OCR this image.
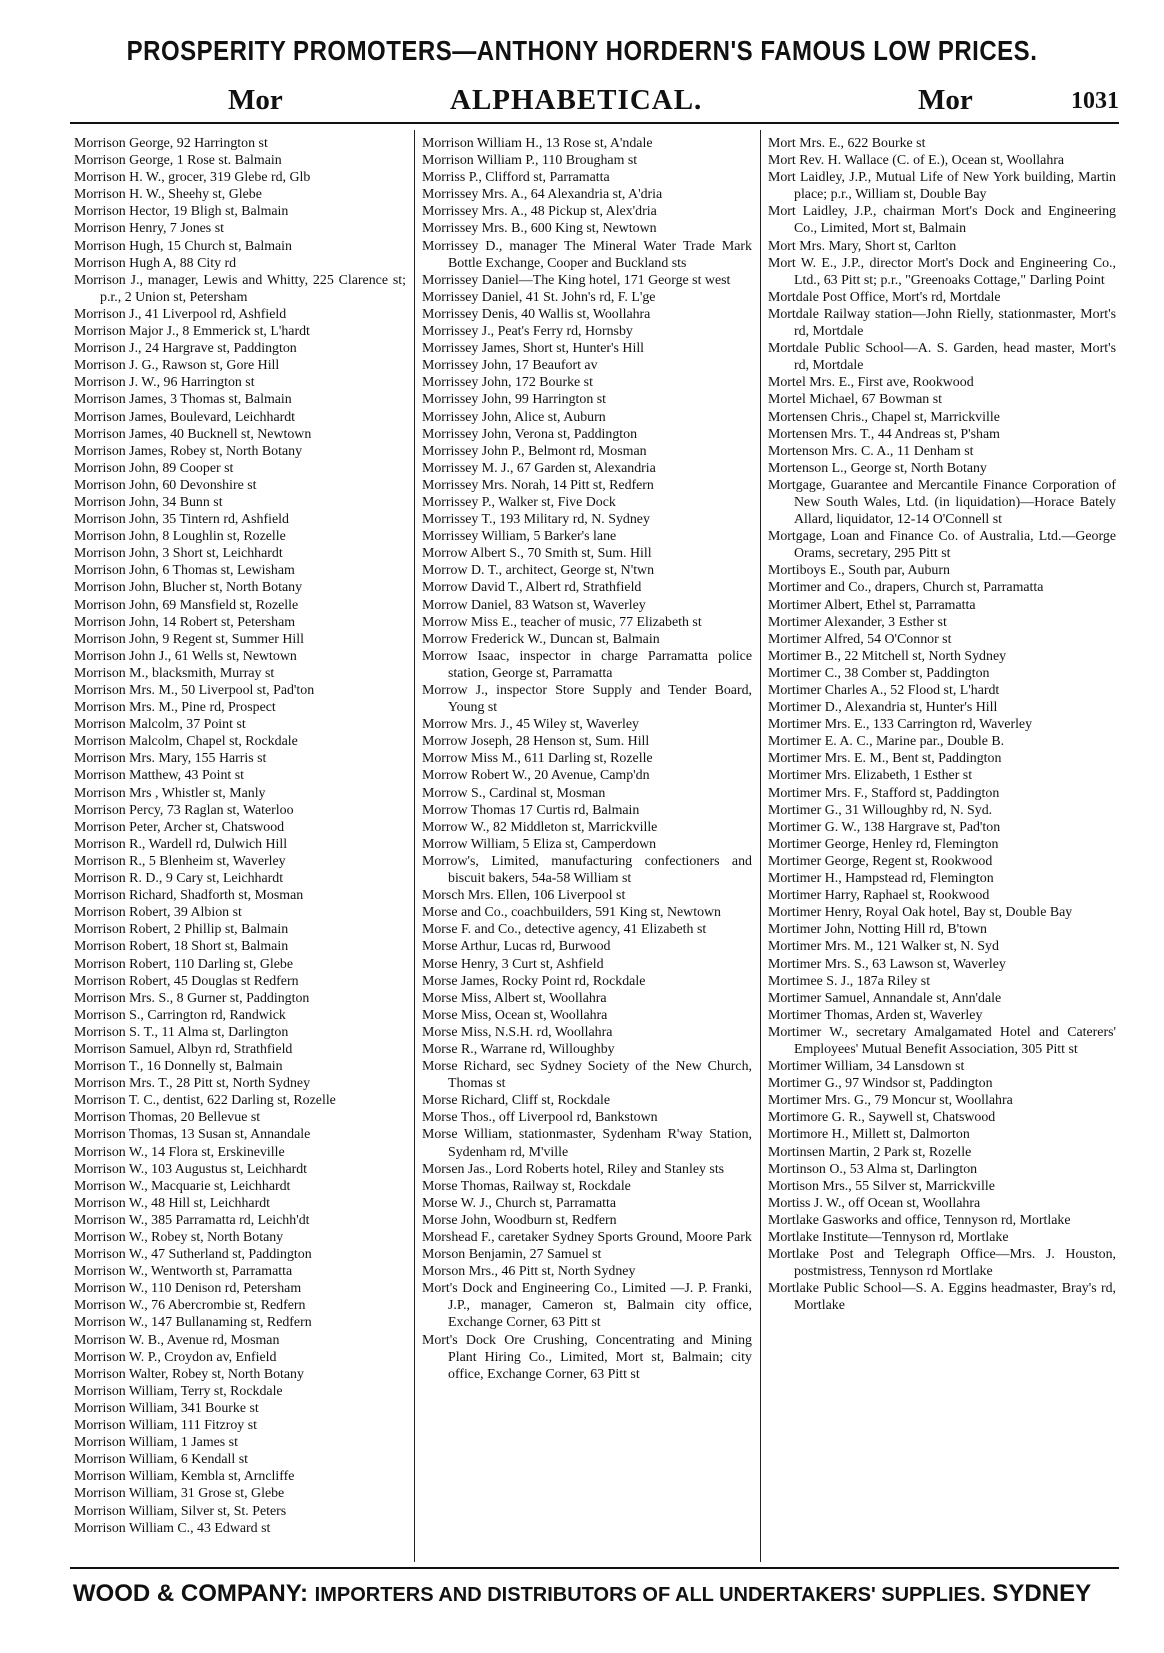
PROSPERITY PROMOTERS—ANTHONY HORDERN'S FAMOUS LOW PRICES.
Mor	ALPHABETICAL.	Mor	1031
Morrison George, 92 Harrington st
Morrison George, 1 Rose st. Balmain
Morrison H. W., grocer, 319 Glebe rd, Glb
Morrison H. W., Sheehy st, Glebe
Morrison Hector, 19 Bligh st, Balmain
Morrison Henry, 7 Jones st
Morrison Hugh, 15 Church st, Balmain
Morrison Hugh A, 88 City rd
Morrison J., manager, Lewis and Whitty, 225 Clarence st; p.r., 2 Union st, Petersham
Morrison J., 41 Liverpool rd, Ashfield
Morrison Major J., 8 Emmerick st, L'hardt
Morrison J., 24 Hargrave st, Paddington
Morrison J. G., Rawson st, Gore Hill
Morrison J. W., 96 Harrington st
Morrison James, 3 Thomas st, Balmain
Morrison James, Boulevard, Leichhardt
Morrison James, 40 Bucknell st, Newtown
Morrison James, Robey st, North Botany
Morrison John, 89 Cooper st
Morrison John, 60 Devonshire st
Morrison John, 34 Bunn st
Morrison John, 35 Tintern rd, Ashfield
Morrison John, 8 Loughlin st, Rozelle
Morrison John, 3 Short st, Leichhardt
Morrison John, 6 Thomas st, Lewisham
Morrison John, Blucher st, North Botany
Morrison John, 69 Mansfield st, Rozelle
Morrison John, 14 Robert st, Petersham
Morrison John, 9 Regent st, Summer Hill
Morrison John J., 61 Wells st, Newtown
Morrison M., blacksmith, Murray st
Morrison Mrs. M., 50 Liverpool st, Pad'ton
Morrison Mrs. M., Pine rd, Prospect
Morrison Malcolm, 37 Point st
Morrison Malcolm, Chapel st, Rockdale
Morrison Mrs. Mary, 155 Harris st
Morrison Matthew, 43 Point st
Morrison Mrs , Whistler st, Manly
Morrison Percy, 73 Raglan st, Waterloo
Morrison Peter, Archer st, Chatswood
Morrison R., Wardell rd, Dulwich Hill
Morrison R., 5 Blenheim st, Waverley
Morrison R. D., 9 Cary st, Leichhardt
Morrison Richard, Shadforth st, Mosman
Morrison Robert, 39 Albion st
Morrison Robert, 2 Phillip st, Balmain
Morrison Robert, 18 Short st, Balmain
Morrison Robert, 110 Darling st, Glebe
Morrison Robert, 45 Douglas st Redfern
Morrison Mrs. S., 8 Gurner st, Paddington
Morrison S., Carrington rd, Randwick
Morrison S. T., 11 Alma st, Darlington
Morrison Samuel, Albyn rd, Strathfield
Morrison T., 16 Donnelly st, Balmain
Morrison Mrs. T., 28 Pitt st, North Sydney
Morrison T. C., dentist, 622 Darling st, Rozelle
Morrison Thomas, 20 Bellevue st
Morrison Thomas, 13 Susan st, Annandale
Morrison W., 14 Flora st, Erskineville
Morrison W., 103 Augustus st, Leichhardt
Morrison W., Macquarie st, Leichhardt
Morrison W., 48 Hill st, Leichhardt
Morrison W., 385 Parramatta rd, Leichh'dt
Morrison W., Robey st, North Botany
Morrison W., 47 Sutherland st, Paddington
Morrison W., Wentworth st, Parramatta
Morrison W., 110 Denison rd, Petersham
Morrison W., 76 Abercrombie st, Redfern
Morrison W., 147 Bullanaming st, Redfern
Morrison W. B., Avenue rd, Mosman
Morrison W. P., Croydon av, Enfield
Morrison Walter, Robey st, North Botany
Morrison William, Terry st, Rockdale
Morrison William, 341 Bourke st
Morrison William, 111 Fitzroy st
Morrison William, 1 James st
Morrison William, 6 Kendall st
Morrison William, Kembla st, Arncliffe
Morrison William, 31 Grose st, Glebe
Morrison William, Silver st, St. Peters
Morrison William C., 43 Edward st
Morrison William H., 13 Rose st, A'ndale
Morrison William P., 110 Brougham st
Morriss P., Clifford st, Parramatta
Morrissey Mrs. A., 64 Alexandria st, A'dria
Morrissey Mrs. A., 48 Pickup st, Alex'dria
Morrissey Mrs. B., 600 King st, Newtown
Morrissey D., manager The Mineral Water Trade Mark Bottle Exchange, Cooper and Buckland sts
Morrissey Daniel—The King hotel, 171 George st west
Morrissey Daniel, 41 St. John's rd, F. L'ge
Morrissey Denis, 40 Wallis st, Woollahra
Morrissey J., Peat's Ferry rd, Hornsby
Morrissey James, Short st, Hunter's Hill
Morrissey John, 17 Beaufort av
Morrissey John, 172 Bourke st
Morrissey John, 99 Harrington st
Morrissey John, Alice st, Auburn
Morrissey John, Verona st, Paddington
Morrissey John P., Belmont rd, Mosman
Morrissey M. J., 67 Garden st, Alexandria
Morrissey Mrs. Norah, 14 Pitt st, Redfern
Morrissey P., Walker st, Five Dock
Morrissey T., 193 Military rd, N. Sydney
Morrissey William, 5 Barker's lane
Morrow Albert S., 70 Smith st, Sum. Hill
Morrow D. T., architect, George st, N'twn
Morrow David T., Albert rd, Strathfield
Morrow Daniel, 83 Watson st, Waverley
Morrow Miss E., teacher of music, 77 Elizabeth st
Morrow Frederick W., Duncan st, Balmain
Morrow Isaac, inspector in charge Parramatta police station, George st, Parramatta
Morrow J., inspector Store Supply and Tender Board, Young st
Morrow Mrs. J., 45 Wiley st, Waverley
Morrow Joseph, 28 Henson st, Sum. Hill
Morrow Miss M., 611 Darling st, Rozelle
Morrow Robert W., 20 Avenue, Camp'dn
Morrow S., Cardinal st, Mosman
Morrow Thomas 17 Curtis rd, Balmain
Morrow W., 82 Middleton st, Marrickville
Morrow William, 5 Eliza st, Camperdown
Morrow's, Limited, manufacturing confectioners and biscuit bakers, 54a-58 William st
Morsch Mrs. Ellen, 106 Liverpool st
Morse and Co., coachbuilders, 591 King st, Newtown
Morse F. and Co., detective agency, 41 Elizabeth st
Morse Arthur, Lucas rd, Burwood
Morse Henry, 3 Curt st, Ashfield
Morse James, Rocky Point rd, Rockdale
Morse Miss, Albert st, Woollahra
Morse Miss, Ocean st, Woollahra
Morse Miss, N.S.H. rd, Woollahra
Morse R., Warrane rd, Willoughby
Morse Richard, sec Sydney Society of the New Church, Thomas st
Morse Richard, Cliff st, Rockdale
Morse Thos., off Liverpool rd, Bankstown
Morse William, stationmaster, Sydenham R'way Station, Sydenham rd, M'ville
Morsen Jas., Lord Roberts hotel, Riley and Stanley sts
Morse Thomas, Railway st, Rockdale
Morse W. J., Church st, Parramatta
Morse John, Woodburn st, Redfern
Morshead F., caretaker Sydney Sports Ground, Moore Park
Morson Benjamin, 27 Samuel st
Morson Mrs., 46 Pitt st, North Sydney
Mort's Dock and Engineering Co., Limited —J. P. Franki, J.P., manager, Cameron st, Balmain city office, Exchange Corner, 63 Pitt st
Mort's Dock Ore Crushing, Concentrating and Mining Plant Hiring Co., Limited, Mort st, Balmain; city office, Exchange Corner, 63 Pitt st
Mort Mrs. E., 622 Bourke st
Mort Rev. H. Wallace (C. of E.), Ocean st, Woollahra
Mort Laidley, J.P., Mutual Life of New York building, Martin place; p.r., William st, Double Bay
Mort Laidley, J.P., chairman Mort's Dock and Engineering Co., Limited, Mort st, Balmain
Mort Mrs. Mary, Short st, Carlton
Mort W. E., J.P., director Mort's Dock and Engineering Co., Ltd., 63 Pitt st; p.r., "Greenoaks Cottage," Darling Point
Mortdale Post Office, Mort's rd, Mortdale
Mortdale Railway station—John Rielly, stationmaster, Mort's rd, Mortdale
Mortdale Public School—A. S. Garden, head master, Mort's rd, Mortdale
Mortel Mrs. E., First ave, Rookwood
Mortel Michael, 67 Bowman st
Mortensen Chris., Chapel st, Marrickville
Mortensen Mrs. T., 44 Andreas st, P'sham
Mortenson Mrs. C. A., 11 Denham st
Mortenson L., George st, North Botany
Mortgage, Guarantee and Mercantile Finance Corporation of New South Wales, Ltd. (in liquidation)—Horace Bately Allard, liquidator, 12-14 O'Connell st
Mortgage, Loan and Finance Co. of Australia, Ltd.—George Orams, secretary, 295 Pitt st
Mortiboys E., South par, Auburn
Mortimer and Co., drapers, Church st, Parramatta
Mortimer Albert, Ethel st, Parramatta
Mortimer Alexander, 3 Esther st
Mortimer Alfred, 54 O'Connor st
Mortimer B., 22 Mitchell st, North Sydney
Mortimer C., 38 Comber st, Paddington
Mortimer Charles A., 52 Flood st, L'hardt
Mortimer D., Alexandria st, Hunter's Hill
Mortimer Mrs. E., 133 Carrington rd, Waverley
Mortimer E. A. C., Marine par., Double B.
Mortimer Mrs. E. M., Bent st, Paddington
Mortimer Mrs. Elizabeth, 1 Esther st
Mortimer Mrs. F., Stafford st, Paddington
Mortimer G., 31 Willoughby rd, N. Syd.
Mortimer G. W., 138 Hargrave st, Pad'ton
Mortimer George, Henley rd, Flemington
Mortimer George, Regent st, Rookwood
Mortimer H., Hampstead rd, Flemington
Mortimer Harry, Raphael st, Rookwood
Mortimer Henry, Royal Oak hotel, Bay st, Double Bay
Mortimer John, Notting Hill rd, B'town
Mortimer Mrs. M., 121 Walker st, N. Syd
Mortimer Mrs. S., 63 Lawson st, Waverley
Mortimee S. J., 187a Riley st
Mortimer Samuel, Annandale st, Ann'dale
Mortimer Thomas, Arden st, Waverley
Mortimer W., secretary Amalgamated Hotel and Caterers' Employees' Mutual Benefit Association, 305 Pitt st
Mortimer William, 34 Lansdown st
Mortimer G., 97 Windsor st, Paddington
Mortimer Mrs. G., 79 Moncur st, Woollahra
Mortimore G. R., Saywell st, Chatswood
Mortimore H., Millett st, Dalmorton
Mortinsen Martin, 2 Park st, Rozelle
Mortinson O., 53 Alma st, Darlington
Mortison Mrs., 55 Silver st, Marrickville
Mortiss J. W., off Ocean st, Woollahra
Mortlake Gasworks and office, Tennyson rd, Mortlake
Mortlake Institute—Tennyson rd, Mortlake
Mortlake Post and Telegraph Office—Mrs. J. Houston, postmistress, Tennyson rd Mortlake
Mortlake Public School—S. A. Eggins headmaster, Bray's rd, Mortlake
WOOD & COMPANY: IMPORTERS AND DISTRIBUTORS OF ALL UNDERTAKERS' SUPPLIES. SYDNEY
